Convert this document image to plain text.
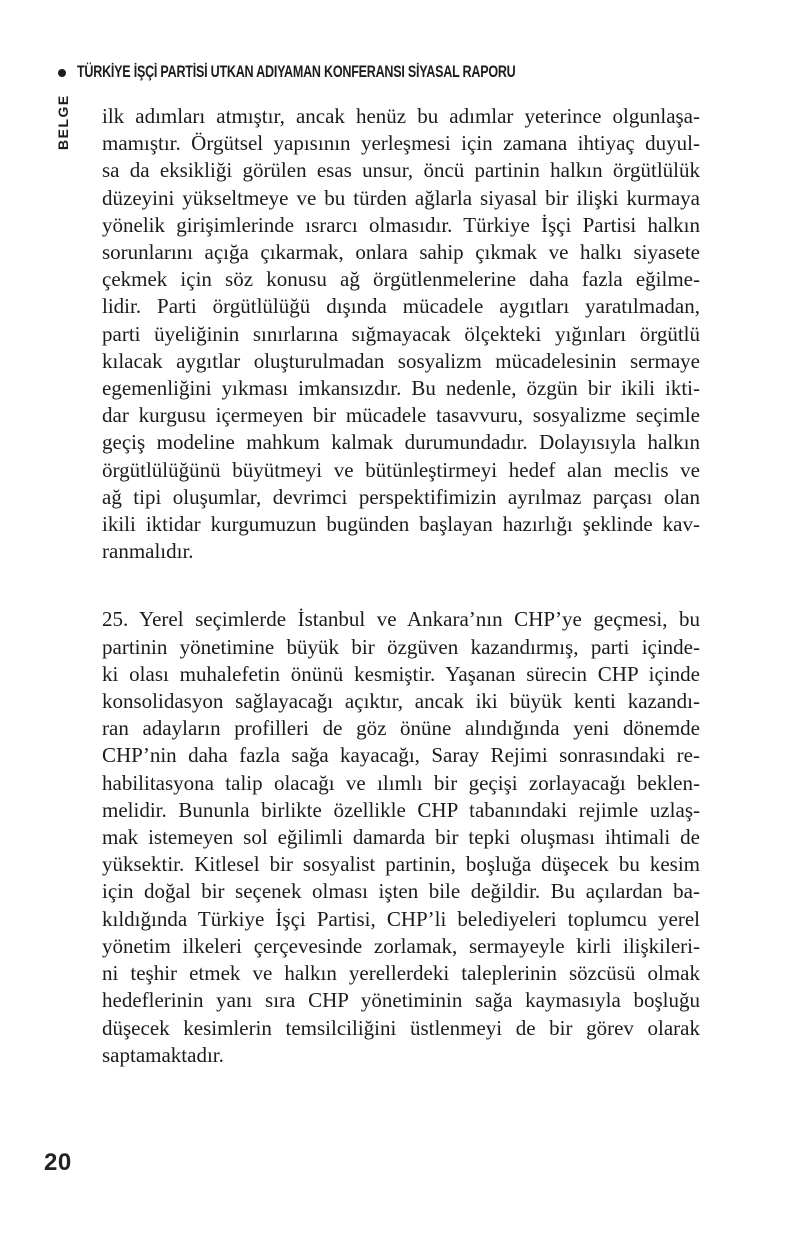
TÜRKİYE İŞÇİ PARTİSİ UTKAN ADIYAMAN KONFERANSI SİYASAL RAPORU
BELGE ilk adımları atmıştır, ancak henüz bu adımlar yeterince olgunlaşa-
mamıştır. Örgütsel yapısının yerleşmesi için zamana ihtiyaç duyul-
sa da eksikliği görülen esas unsur, öncü partinin halkın örgütlülük
düzeyini yükseltmeye ve bu türden ağlarla siyasal bir ilişki kurmaya
yönelik girişimlerinde ısrarcı olmasıdır. Türkiye İşçi Partisi halkın
sorunlarını açığa çıkarmak, onlara sahip çıkmak ve halkı siyasete
çekmek için söz konusu ağ örgütlenmelerine daha fazla eğilme-
lidir. Parti örgütlülüğü dışında mücadele aygıtları yaratılmadan,
parti üyeliğinin sınırlarına sığmayacak ölçekteki yığınları örgütlü
kılacak aygıtlar oluşturulmadan sosyalizm mücadelesinin sermaye
egemenliğini yıkması imkansızdır. Bu nedenle, özgün bir ikili ikti-
dar kurgusu içermeyen bir mücadele tasavvuru, sosyalizme seçimle
geçiş modeline mahkum kalmak durumundadır. Dolayısıyla halkın
örgütlülüğünü büyütmeyi ve bütünleştirmeyi hedef alan meclis ve
ağ tipi oluşumlar, devrimci perspektifimizin ayrılmaz parçası olan
ikili iktidar kurgumuzun bugünden başlayan hazırlığı şeklinde kav-
ranmalıdır.
25. Yerel seçimlerde İstanbul ve Ankara’nın CHP’ye geçmesi, bu
partinin yönetimine büyük bir özgüven kazandırmış, parti içinde-
ki olası muhalefetin önünü kesmiştir. Yaşanan sürecin CHP içinde
konsolidasyon sağlayacağı açıktır, ancak iki büyük kenti kazandı-
ran adayların profilleri de göz önüne alındığında yeni dönemde
CHP’nin daha fazla sağa kayacağı, Saray Rejimi sonrasındaki re-
habilitasyona talip olacağı ve ılımlı bir geçişi zorlayacağı beklen-
melidir. Bununla birlikte özellikle CHP tabanındaki rejimle uzlaş-
mak istemeyen sol eğilimli damarda bir tepki oluşması ihtimali de
yüksektir. Kitlesel bir sosyalist partinin, boşluğa düşecek bu kesim
için doğal bir seçenek olması işten bile değildir. Bu açılardan ba-
kıldığında Türkiye İşçi Partisi, CHP’li belediyeleri toplumcu yerel
yönetim ilkeleri çerçevesinde zorlamak, sermayeyle kirli ilişkileri-
ni teşhir etmek ve halkın yerellerdeki taleplerinin sözcüsü olmak
hedeflerinin yanı sıra CHP yönetiminin sağa kaymasıyla boşluğu
düşecek kesimlerin temsilciliğini üstlenmeyi de bir görev olarak
saptamaktadır.
20
